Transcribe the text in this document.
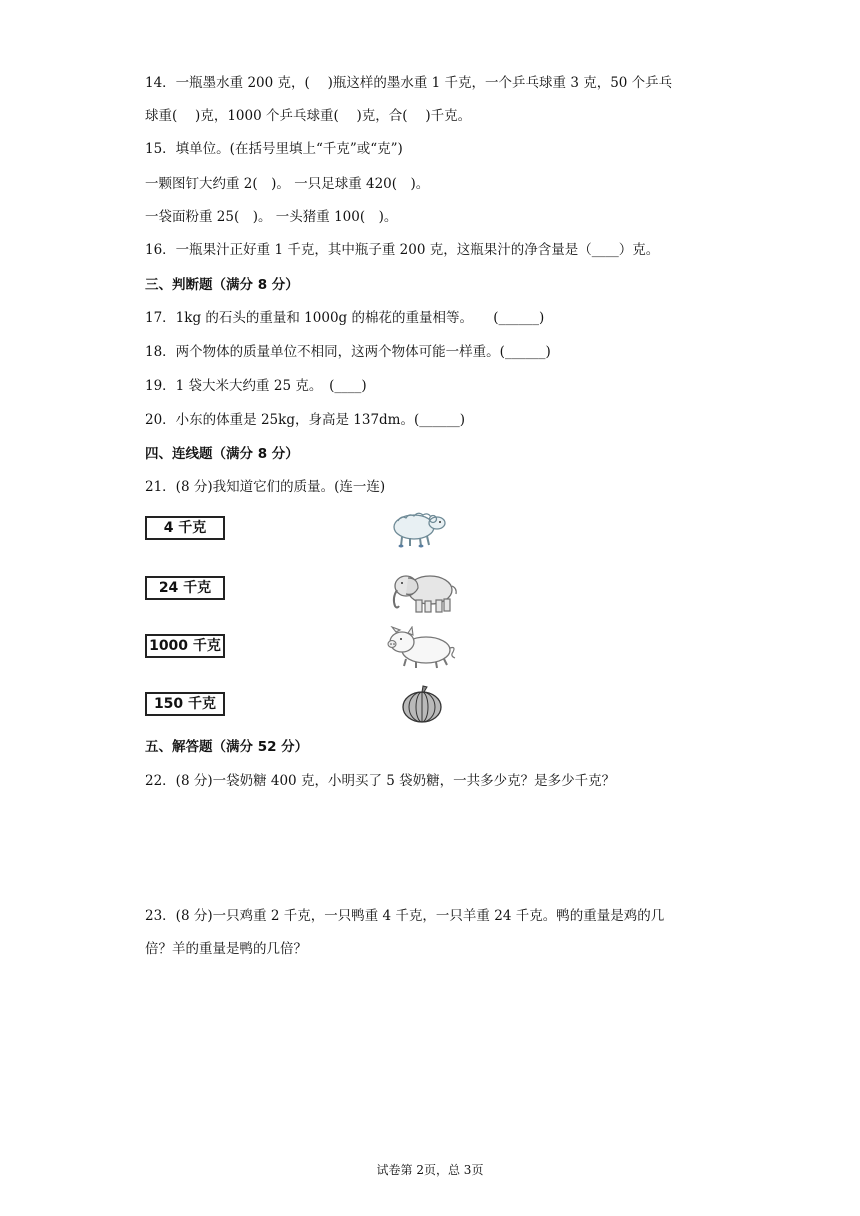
14．一瓶墨水重 200 克，(　 )瓶这样的墨水重 1 千克，一个乒乓球重 3 克，50 个乒乓
球重(　 )克，1000 个乒乓球重(　 )克，合(　 )千克。
15．填单位。(在括号里填上“千克”或“克”)
一颗图钉大约重 2(　)。 一只足球重 420(　)。
一袋面粉重 25(　)。 一头猪重 100(　)。
16．一瓶果汁正好重 1 千克，其中瓶子重 200 克，这瓶果汁的净含量是（____）克。
三、判断题（满分 8 分）
17．1kg 的石头的重量和 1000g 的棉花的重量相等。　　(______)
18．两个物体的质量单位不相同，这两个物体可能一样重。(______)
19．1 袋大米大约重 25 克。　(____)
20．小东的体重是 25kg，身高是 137dm。(______)
四、连线题（满分 8 分）
21．(8 分)我知道它们的质量。(连一连)
4 千克
24 千克
1000 千克
150 千克
五、解答题（满分 52 分）
22．(8 分)一袋奶糖 400 克，小明买了 5 袋奶糖，一共多少克？是多少千克？
23．(8 分)一只鸡重 2 千克，一只鸭重 4 千克，一只羊重 24 千克。鸭的重量是鸡的几
倍？羊的重量是鸭的几倍？
试卷第 2页，总 3页
